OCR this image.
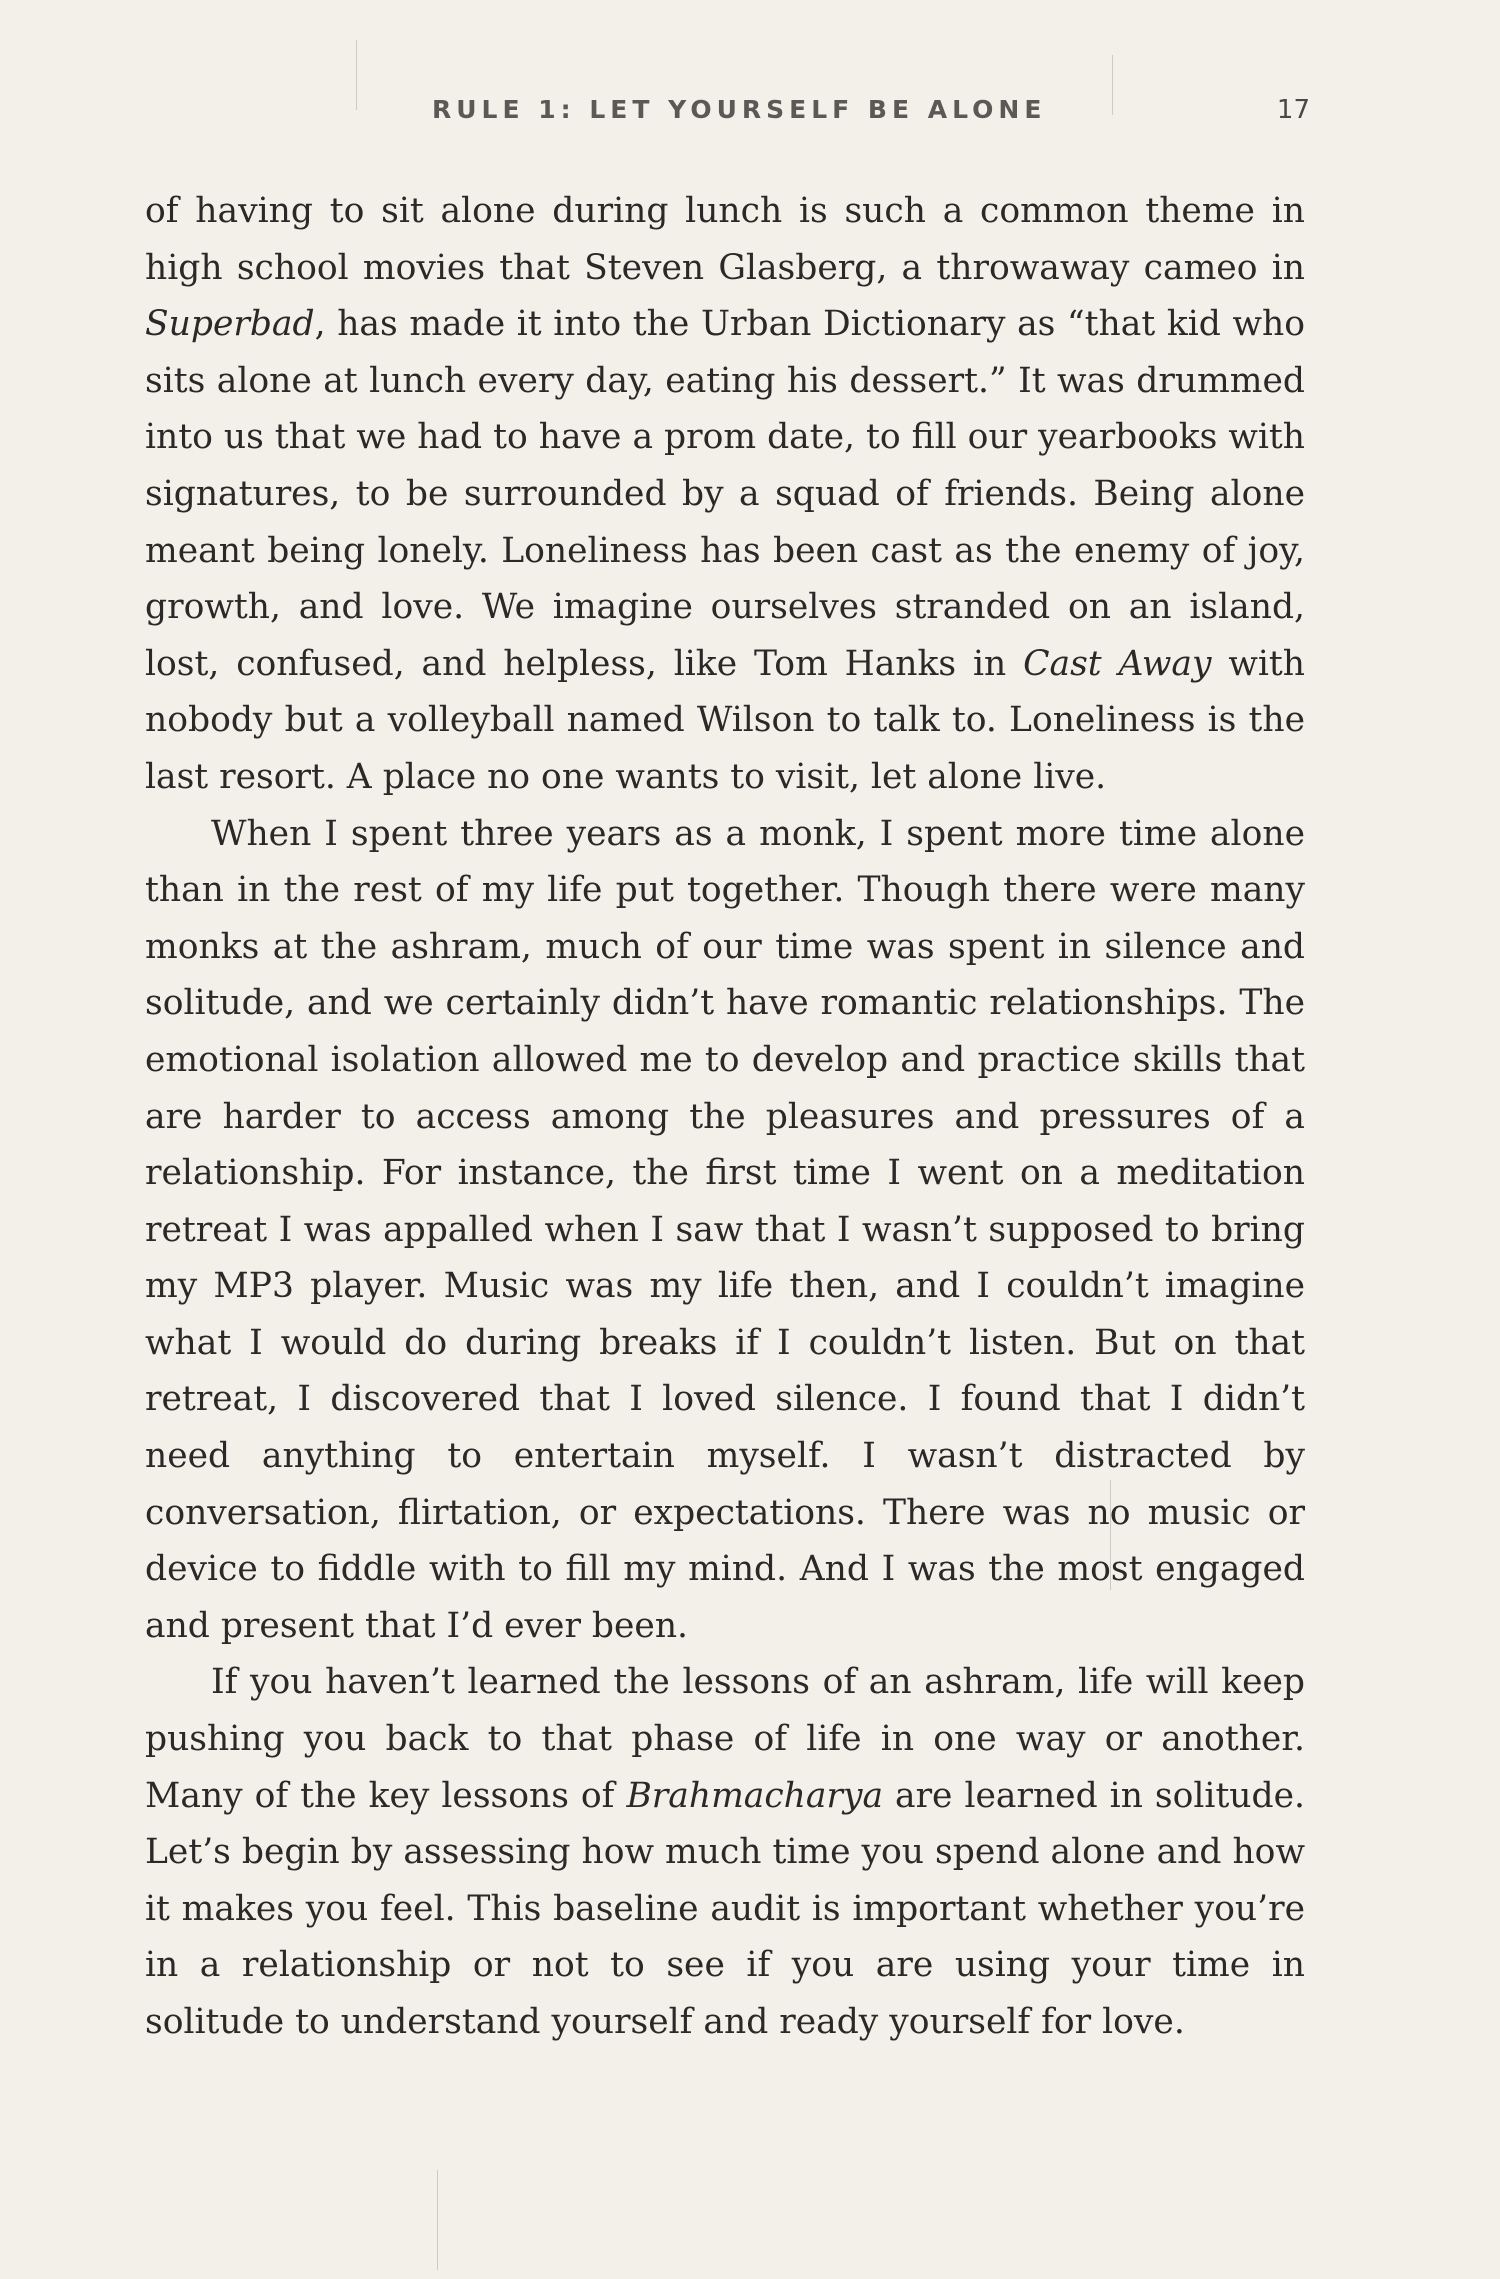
RULE 1: LET YOURSELF BE ALONE	17

of having to sit alone during lunch is such a common theme in high school movies that Steven Glasberg, a throwaway cameo in Superbad, has made it into the Urban Dictionary as “that kid who sits alone at lunch every day, eating his dessert.” It was drummed into us that we had to have a prom date, to fill our yearbooks with signatures, to be surrounded by a squad of friends. Being alone meant being lonely. Loneliness has been cast as the enemy of joy, growth, and love. We imagine ourselves stranded on an island, lost, confused, and helpless, like Tom Hanks in Cast Away with nobody but a volleyball named Wilson to talk to. Loneliness is the last resort. A place no one wants to visit, let alone live.

When I spent three years as a monk, I spent more time alone than in the rest of my life put together. Though there were many monks at the ashram, much of our time was spent in silence and solitude, and we certainly didn’t have romantic relationships. The emotional isolation allowed me to develop and practice skills that are harder to access among the pleasures and pressures of a relationship. For instance, the first time I went on a meditation retreat I was appalled when I saw that I wasn’t supposed to bring my MP3 player. Music was my life then, and I couldn’t imagine what I would do during breaks if I couldn’t listen. But on that retreat, I discovered that I loved silence. I found that I didn’t need anything to entertain myself. I wasn’t distracted by conversation, flirtation, or expectations. There was no music or device to fiddle with to fill my mind. And I was the most engaged and present that I’d ever been.

If you haven’t learned the lessons of an ashram, life will keep pushing you back to that phase of life in one way or another. Many of the key lessons of Brahmacharya are learned in solitude. Let’s begin by assessing how much time you spend alone and how it makes you feel. This baseline audit is important whether you’re in a relationship or not to see if you are using your time in solitude to understand yourself and ready yourself for love.
